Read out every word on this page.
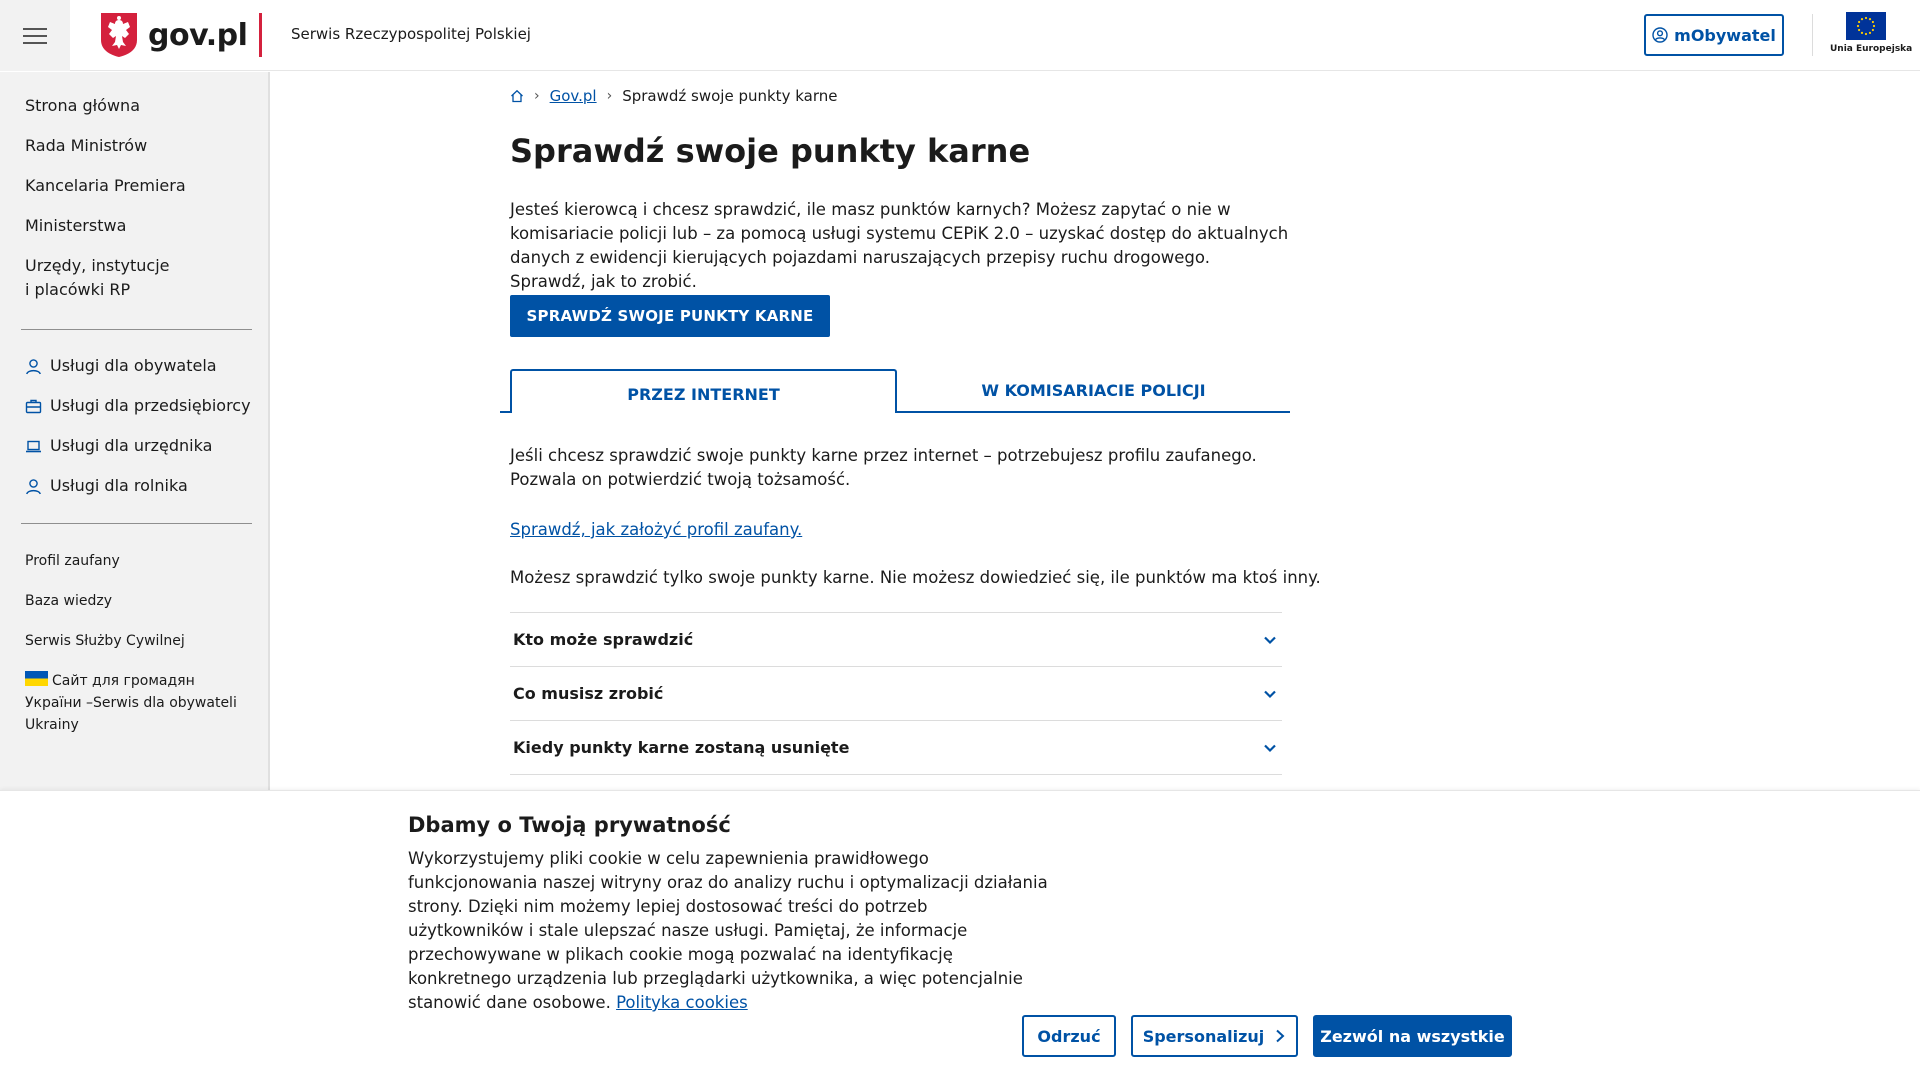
gov.pl	Serwis Rzeczypospolitej Polskiej	mObywatel
Unia Europejska
Strona główna
Rada Ministrów
Kancelaria Premiera
Ministerstwa
Urzędy, instytucje i placówki RP
Usługi dla obywatela
Usługi dla przedsiębiorcy
Usługi dla urzędnika
Usługi dla rolnika
Profil zaufany
Baza wiedzy
Serwis Służby Cywilnej
Сайт для громадян України –Serwis dla obywateli Ukrainy
› Gov.pl › Sprawdź swoje punkty karne
Sprawdź swoje punkty karne

Jesteś kierowcą i chcesz sprawdzić, ile masz punktów karnych? Możesz zapytać o nie w komisariacie policji lub – za pomocą usługi systemu CEPiK 2.0 – uzyskać dostęp do aktualnych danych z ewidencji kierujących pojazdami naruszających przepisy ruchu drogowego. Sprawdź, jak to zrobić.

SPRAWDŹ SWOJE PUNKTY KARNE
PRZEZ INTERNET	W KOMISARIACIE POLICJI

Jeśli chcesz sprawdzić swoje punkty karne przez internet – potrzebujesz profilu zaufanego. Pozwala on potwierdzić twoją tożsamość.

Sprawdź, jak założyć profil zaufany.

Możesz sprawdzić tylko swoje punkty karne. Nie możesz dowiedzieć się, ile punktów ma ktoś inny.

Kto może sprawdzić
Co musisz zrobić
Kiedy punkty karne zostaną usunięte
Dbamy o Twoją prywatność

Wykorzystujemy pliki cookie w celu zapewnienia prawidłowego funkcjonowania naszej witryny oraz do analizy ruchu i optymalizacji działania strony. Dzięki nim możemy lepiej dostosować treści do potrzeb użytkowników i stale ulepszać nasze usługi. Pamiętaj, że informacje przechowywane w plikach cookie mogą pozwalać na identyfikację konkretnego urządzenia lub przeglądarki użytkownika, a więc potencjalnie stanowić dane osobowe. Polityka cookies

Odrzuć	Spersonalizuj	Zezwól na wszystkie
